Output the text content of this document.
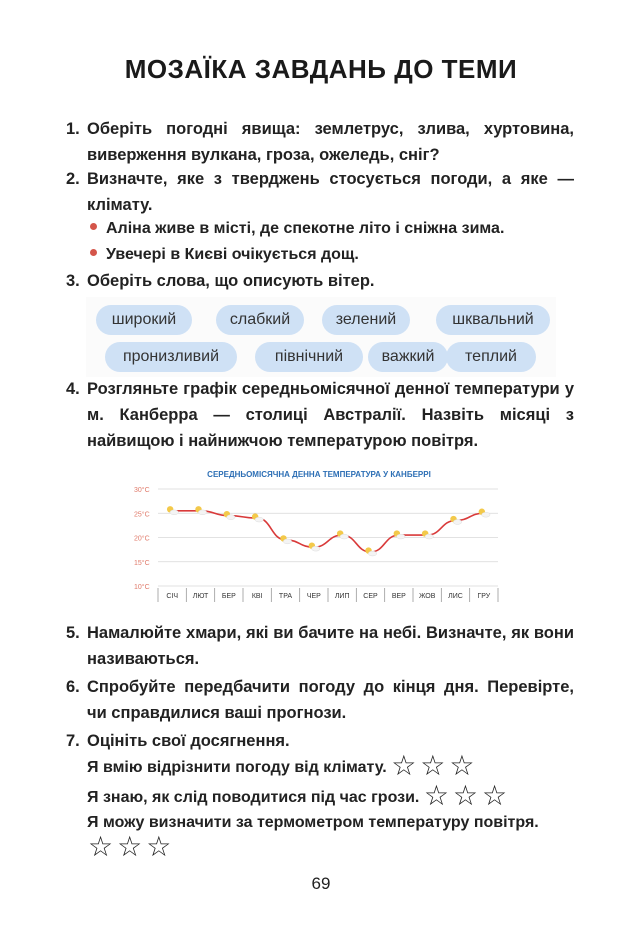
МОЗАЇКА ЗАВДАНЬ ДО ТЕМИ
1. Оберіть погодні явища: землетрус, злива, хуртовина, виверження вулкана, гроза, ожеледь, сніг?
2. Визначте, яке з тверджень стосується погоди, а яке — клімату.
Аліна живе в місті, де спекотне літо і сніжна зима.
Увечері в Києві очікується дощ.
3. Оберіть слова, що описують вітер.
широкий	слабкий	зелений	шквальний
пронизливий	північний	важкий	теплий
4. Розгляньте графік середньомісячної денної температури у м. Канберра — столиці Австралії. Назвіть місяці з найвищою і найнижчою температурою повітря.
СЕРЕДНЬОМІСЯЧНА ДЕННА ТЕМПЕРАТУРА У КАНБЕРРІ
30°C
25°C
20°C
15°C
10°C
СІЧ ЛЮТ БЕР КВІ ТРА ЧЕР ЛИП СЕР ВЕР ЖОВ ЛИС ГРУ
5. Намалюйте хмари, які ви бачите на небі. Визначте, як вони називаються.
6. Спробуйте передбачити погоду до кінця дня. Перевірте, чи справдилися ваші прогнози.
7. Оцініть свої досягнення.
Я вмію відрізнити погоду від клімату. ☆☆☆
Я знаю, як слід поводитися під час грози. ☆☆☆
Я можу визначити за термометром температуру повітря.
☆☆☆
69
